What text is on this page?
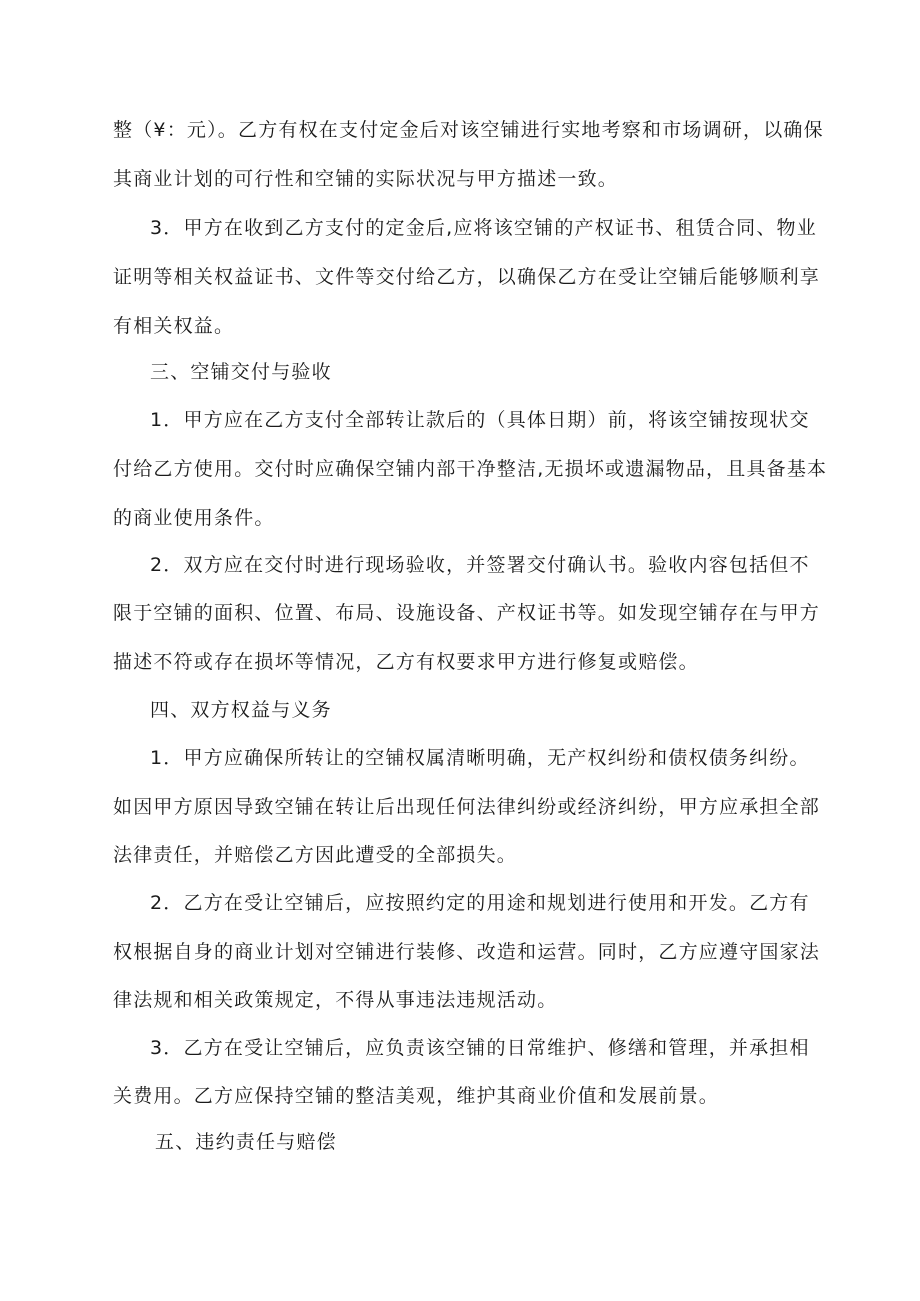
整（¥：元）。乙方有权在支付定金后对该空铺进行实地考察和市场调研，以确保
其商业计划的可行性和空铺的实际状况与甲方描述一致。
3．甲方在收到乙方支付的定金后,应将该空铺的产权证书、租赁合同、物业
证明等相关权益证书、文件等交付给乙方，以确保乙方在受让空铺后能够顺利享
有相关权益。
三、空铺交付与验收
1．甲方应在乙方支付全部转让款后的（具体日期）前，将该空铺按现状交
付给乙方使用。交付时应确保空铺内部干净整洁,无损坏或遗漏物品，且具备基本
的商业使用条件。
2．双方应在交付时进行现场验收，并签署交付确认书。验收内容包括但不
限于空铺的面积、位置、布局、设施设备、产权证书等。如发现空铺存在与甲方
描述不符或存在损坏等情况，乙方有权要求甲方进行修复或赔偿。
四、双方权益与义务
1．甲方应确保所转让的空铺权属清晰明确，无产权纠纷和债权债务纠纷。
如因甲方原因导致空铺在转让后出现任何法律纠纷或经济纠纷，甲方应承担全部
法律责任，并赔偿乙方因此遭受的全部损失。
2．乙方在受让空铺后，应按照约定的用途和规划进行使用和开发。乙方有
权根据自身的商业计划对空铺进行装修、改造和运营。同时，乙方应遵守国家法
律法规和相关政策规定，不得从事违法违规活动。
3．乙方在受让空铺后，应负责该空铺的日常维护、修缮和管理，并承担相
关费用。乙方应保持空铺的整洁美观，维护其商业价值和发展前景。
五、违约责任与赔偿
